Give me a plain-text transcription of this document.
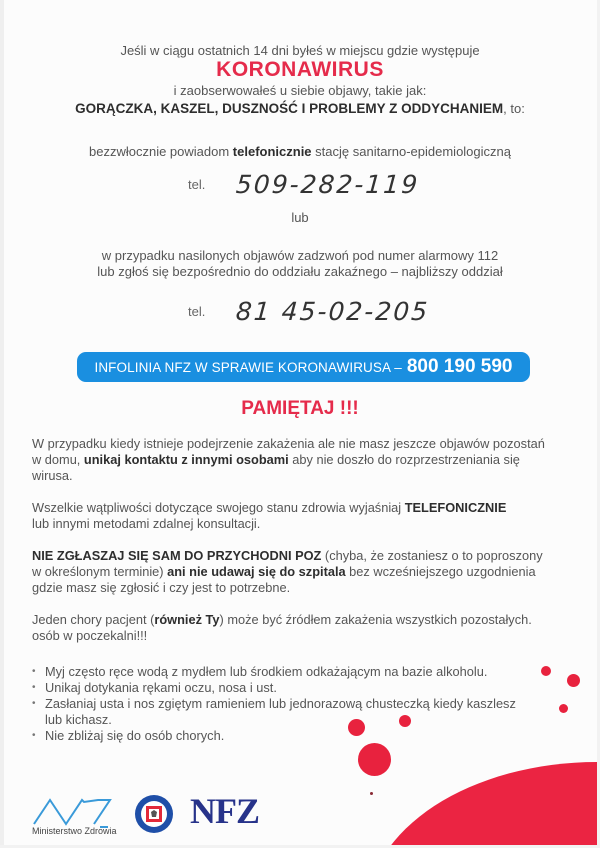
Jeśli w ciągu ostatnich 14 dni byłeś w miejscu gdzie występuje
KORONAWIRUS
i zaobserwowałeś u siebie objawy, takie jak:
GORĄCZKA, KASZEL, DUSZNOŚĆ I PROBLEMY Z ODDYCHANIEM, to:
bezzwłocznie powiadom telefonicznie stację sanitarno-epidemiologiczną
tel. 509-282-119
lub
w przypadku nasilonych objawów zadzwoń pod numer alarmowy 112
lub zgłoś się bezpośrednio do oddziału zakaźnego – najbliższy oddział
tel. 81 45-02-205
INFOLINIA NFZ W SPRAWIE KORONAWIRUSA – 800 190 590
PAMIĘTAJ !!!
W przypadku kiedy istnieje podejrzenie zakażenia ale nie masz jeszcze objawów pozostań
w domu, unikaj kontaktu z innymi osobami aby nie doszło do rozprzestrzeniania się
wirusa.
Wszelkie wątpliwości dotyczące swojego stanu zdrowia wyjaśniaj TELEFONICZNIE
lub innymi metodami zdalnej konsultacji.
NIE ZGŁASZAJ SIĘ SAM DO PRZYCHODNI POZ (chyba, że zostaniesz o to poproszony
w określonym terminie) ani nie udawaj się do szpitala bez wcześniejszego uzgodnienia
gdzie masz się zgłosić i czy jest to potrzebne.
Jeden chory pacjent (również Ty) może być źródłem zakażenia wszystkich pozostałych.
osób w poczekalni!!!
• Myj często ręce wodą z mydłem lub środkiem odkażającym na bazie alkoholu.
• Unikaj dotykania rękami oczu, nosa i ust.
• Zasłaniaj usta i nos zgiętym ramieniem lub jednorazową chusteczką kiedy kaszlesz
lub kichasz.
• Nie zbliżaj się do osób chorych.
Ministerstwo Zdrowia NFZ
